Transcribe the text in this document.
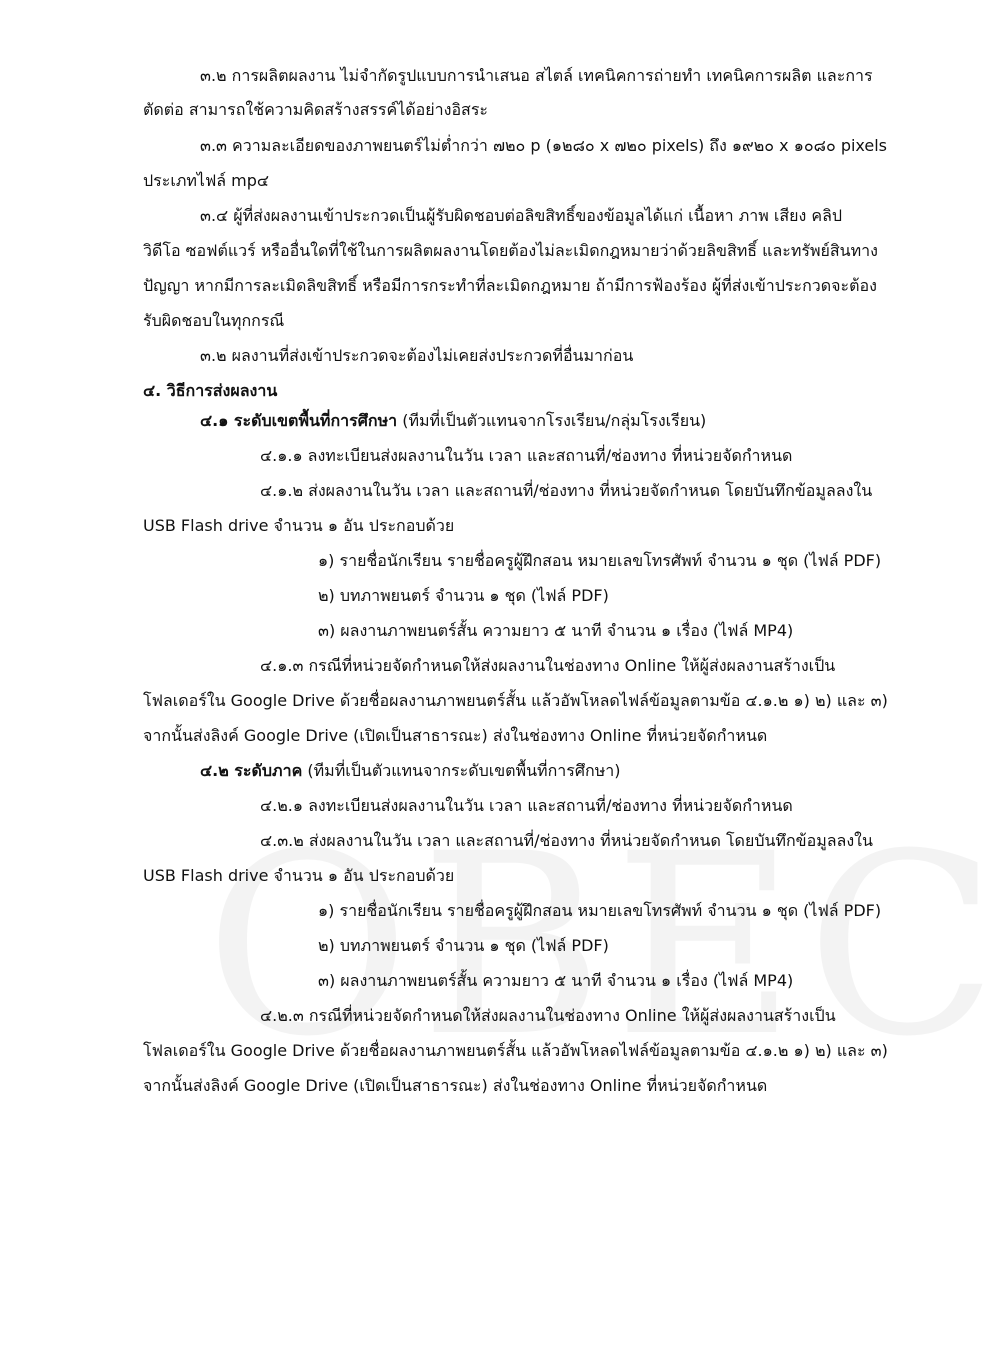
๓.๒ การผลิตผลงาน ไม่จำกัดรูปแบบการนำเสนอ สไตล์ เทคนิคการถ่ายทำ เทคนิคการผลิต และการ
ตัดต่อ สามารถใช้ความคิดสร้างสรรค์ได้อย่างอิสระ
๓.๓ ความละเอียดของภาพยนตร์ไม่ต่ำกว่า ๗๒๐ p (๑๒๘๐ x ๗๒๐ pixels) ถึง ๑๙๒๐ x ๑๐๘๐ pixels
ประเภทไฟล์ mp๔
๓.๔ ผู้ที่ส่งผลงานเข้าประกวดเป็นผู้รับผิดชอบต่อลิขสิทธิ์ของข้อมูลได้แก่ เนื้อหา ภาพ เสียง คลิป
วิดีโอ ซอฟต์แวร์ หรืออื่นใดที่ใช้ในการผลิตผลงานโดยต้องไม่ละเมิดกฎหมายว่าด้วยลิขสิทธิ์ และทรัพย์สินทาง
ปัญญา หากมีการละเมิดลิขสิทธิ์ หรือมีการกระทำที่ละเมิดกฎหมาย ถ้ามีการฟ้องร้อง ผู้ที่ส่งเข้าประกวดจะต้อง
รับผิดชอบในทุกกรณี
๓.๒ ผลงานที่ส่งเข้าประกวดจะต้องไม่เคยส่งประกวดที่อื่นมาก่อน
๔. วิธีการส่งผลงาน
๔.๑ ระดับเขตพื้นที่การศึกษา (ทีมที่เป็นตัวแทนจากโรงเรียน/กลุ่มโรงเรียน)
๔.๑.๑ ลงทะเบียนส่งผลงานในวัน เวลา และสถานที่/ช่องทาง ที่หน่วยจัดกำหนด
๔.๑.๒ ส่งผลงานในวัน เวลา และสถานที่/ช่องทาง ที่หน่วยจัดกำหนด โดยบันทึกข้อมูลลงใน
USB Flash drive จำนวน ๑ อัน ประกอบด้วย
๑) รายชื่อนักเรียน รายชื่อครูผู้ฝึกสอน หมายเลขโทรศัพท์ จำนวน ๑ ชุด (ไฟล์ PDF)
๒) บทภาพยนตร์ จำนวน ๑ ชุด (ไฟล์ PDF)
๓) ผลงานภาพยนตร์สั้น ความยาว ๕ นาที จำนวน ๑ เรื่อง (ไฟล์ MP4)
๔.๑.๓ กรณีที่หน่วยจัดกำหนดให้ส่งผลงานในช่องทาง Online ให้ผู้ส่งผลงานสร้างเป็น
โฟลเดอร์ใน Google Drive ด้วยชื่อผลงานภาพยนตร์สั้น แล้วอัพโหลดไฟล์ข้อมูลตามข้อ ๔.๑.๒ ๑) ๒) และ ๓)
จากนั้นส่งลิงค์ Google Drive (เปิดเป็นสาธารณะ) ส่งในช่องทาง Online ที่หน่วยจัดกำหนด
๔.๒ ระดับภาค (ทีมที่เป็นตัวแทนจากระดับเขตพื้นที่การศึกษา)
๔.๒.๑ ลงทะเบียนส่งผลงานในวัน เวลา และสถานที่/ช่องทาง ที่หน่วยจัดกำหนด
๔.๓.๒ ส่งผลงานในวัน เวลา และสถานที่/ช่องทาง ที่หน่วยจัดกำหนด โดยบันทึกข้อมูลลงใน
USB Flash drive จำนวน ๑ อัน ประกอบด้วย
๑) รายชื่อนักเรียน รายชื่อครูผู้ฝึกสอน หมายเลขโทรศัพท์ จำนวน ๑ ชุด (ไฟล์ PDF)
๒) บทภาพยนตร์ จำนวน ๑ ชุด (ไฟล์ PDF)
๓) ผลงานภาพยนตร์สั้น ความยาว ๕ นาที จำนวน ๑ เรื่อง (ไฟล์ MP4)
๔.๒.๓ กรณีที่หน่วยจัดกำหนดให้ส่งผลงานในช่องทาง Online ให้ผู้ส่งผลงานสร้างเป็น
โฟลเดอร์ใน Google Drive ด้วยชื่อผลงานภาพยนตร์สั้น แล้วอัพโหลดไฟล์ข้อมูลตามข้อ ๔.๑.๒ ๑) ๒) และ ๓)
จากนั้นส่งลิงค์ Google Drive (เปิดเป็นสาธารณะ) ส่งในช่องทาง Online ที่หน่วยจัดกำหนด
